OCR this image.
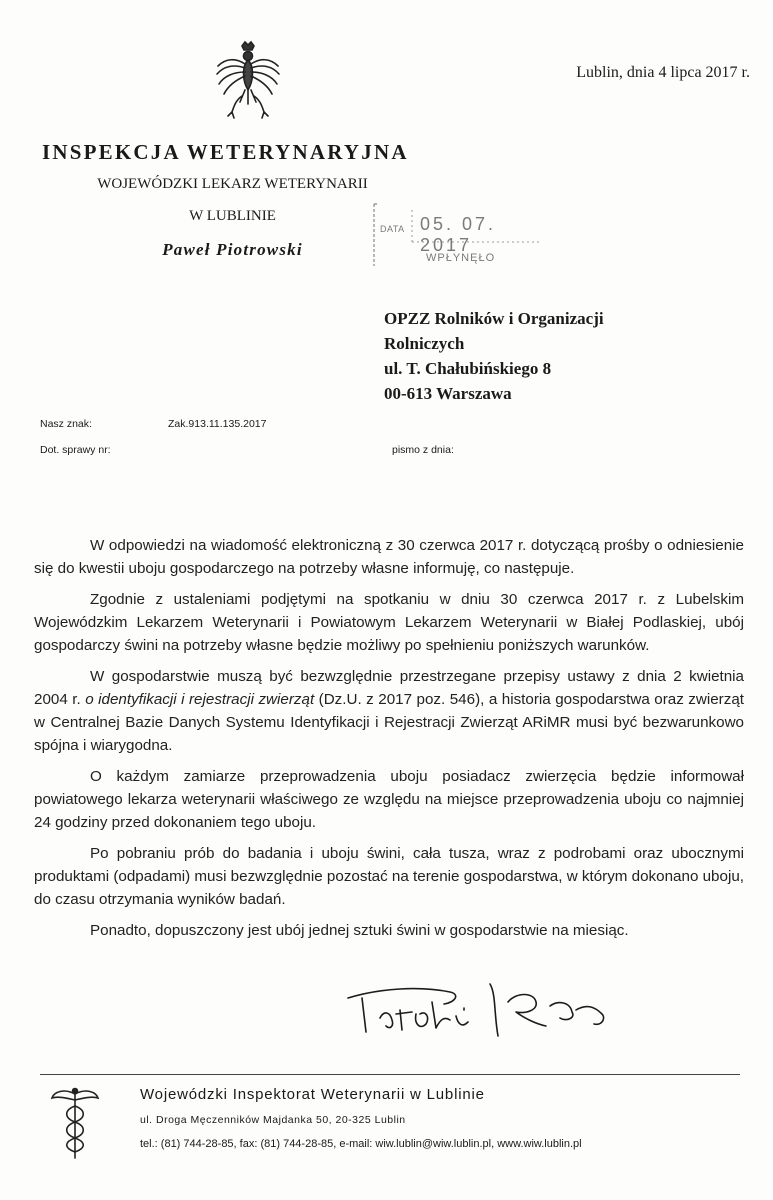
Lublin, dnia 4 lipca 2017 r.
INSPEKCJA WETERYNARYJNA
WOJEWÓDZKI LEKARZ WETERYNARII
W LUBLINIE
Paweł Piotrowski
DATA 05. 07. 2017
WPŁYNĘŁO
OPZZ Rolników i Organizacji
Rolniczych
ul. T. Chałubińskiego 8
00-613 Warszawa
Nasz znak:	Zak.913.11.135.2017
Dot. sprawy nr:	pismo z dnia:

W odpowiedzi na wiadomość elektroniczną z 30 czerwca 2017 r. dotyczącą prośby o odniesienie się do kwestii uboju gospodarczego na potrzeby własne informuję, co następuje.

Zgodnie z ustaleniami podjętymi na spotkaniu w dniu 30 czerwca 2017 r. z Lubelskim Wojewódzkim Lekarzem Weterynarii i Powiatowym Lekarzem Weterynarii w Białej Podlaskiej, ubój gospodarczy świni na potrzeby własne będzie możliwy po spełnieniu poniższych warunków.

W gospodarstwie muszą być bezwzględnie przestrzegane przepisy ustawy z dnia 2 kwietnia 2004 r. o identyfikacji i rejestracji zwierząt (Dz.U. z 2017 poz. 546), a historia gospodarstwa oraz zwierząt w Centralnej Bazie Danych Systemu Identyfikacji i Rejestracji Zwierząt ARiMR musi być bezwarunkowo spójna i wiarygodna.

O każdym zamiarze przeprowadzenia uboju posiadacz zwierzęcia będzie informował powiatowego lekarza weterynarii właściwego ze względu na miejsce przeprowadzenia uboju co najmniej 24 godziny przed dokonaniem tego uboju.

Po pobraniu prób do badania i uboju świni, cała tusza, wraz z podrobami oraz ubocznymi produktami (odpadami) musi bezwzględnie pozostać na terenie gospodarstwa, w którym dokonano uboju, do czasu otrzymania wyników badań.

Ponadto, dopuszczony jest ubój jednej sztuki świni w gospodarstwie na miesiąc.

Wojewódzki Inspektorat Weterynarii w Lublinie
ul. Droga Męczenników Majdanka 50, 20-325 Lublin
tel.: (81) 744-28-85, fax: (81) 744-28-85, e-mail: wiw.lublin@wiw.lublin.pl, www.wiw.lublin.pl
